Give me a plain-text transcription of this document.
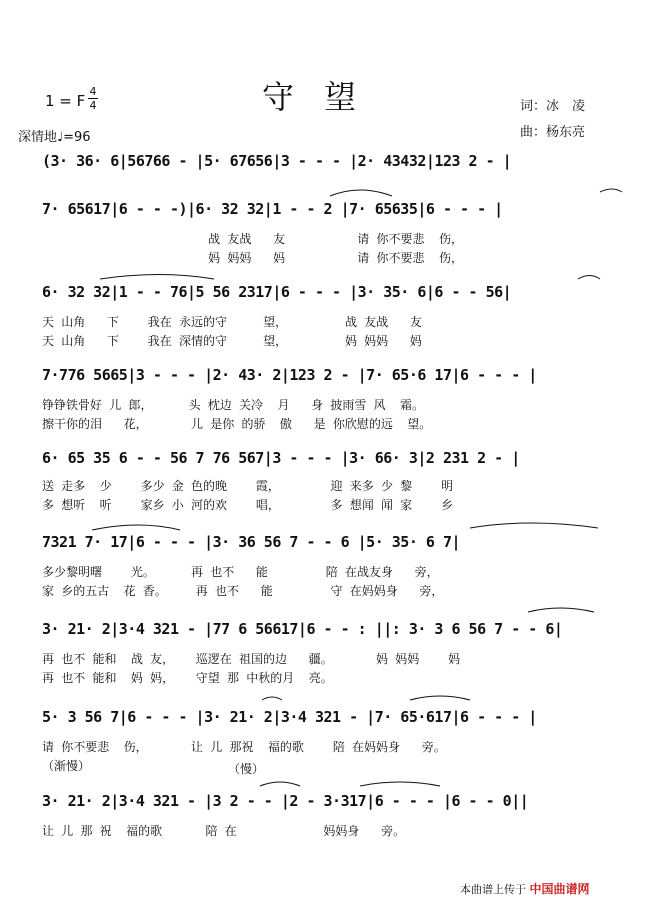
1 = F
4
4
深情地♩=96
守望	词：冰　凌
曲：杨东亮
(3· 36· 6|56766 - |5· 67656|3 - - - |2· 43432|123 2 - |
7· 65617|6 - - -)|6· 32 32|1 - - 2 |7· 65635|6 - - - |
战 友战   友          请 你不要悲  伤，
妈 妈妈   妈          请 你不要悲  伤，
6· 32 32|1 - - 76|5 56 2317|6 - - - |3· 35· 6|6 - - 56|
天 山角   下    我在 永远的守     望，        战 友战   友
天 山角   下    我在 深情的守     望，        妈 妈妈   妈
7·776 5665|3 - - - |2· 43· 2|123 2 - |7· 65·6 17|6 - - - |
铮铮铁骨好 儿 郎，     头 枕边 关冷  月   身 披雨雪 风  霜。
擦干你的泪   花，      儿 是你 的骄  傲   是 你欣慰的远  望。
6· 65 35 6 - - 56 7 76 567|3 - - - |3· 66· 3|2 231 2 - |
送 走多  少    多少 金 色的晚    霞，       迎 来多 少 黎    明
多 想听  听    家乡 小 河的欢    唱，       多 想闻 闻 家    乡
7321 7· 17|6 - - - |3· 36 56 7 - - 6 |5· 35· 6 7|
多少黎明曙    光。     再 也不   能        陪 在战友身   旁，
家 乡的五古  花 香。    再 也不   能        守 在妈妈身   旁，
3· 21· 2|3·4 321 - |77 6 56617|6 - - : ||: 3· 3 6 56 7 - - 6|
再 也不 能和  战 友，   巡逻在 祖国的边   疆。      妈 妈妈    妈
再 也不 能和  妈 妈，   守望 那 中秋的月  亮。
5· 3 56 7|6 - - - |3· 21· 2|3·4 321 - |7· 65·617|6 - - - |
请 你不要悲  伤，      让 儿 那祝  福的歌    陪 在妈妈身   旁。
（渐慢）	（慢）
3· 21· 2|3·4 321 - |3 2 - - |2 - 3·317|6 - - - |6 - - 0||
让 儿 那 祝  福的歌      陪 在            妈妈身   旁。
本曲谱上传于 中国曲谱网
